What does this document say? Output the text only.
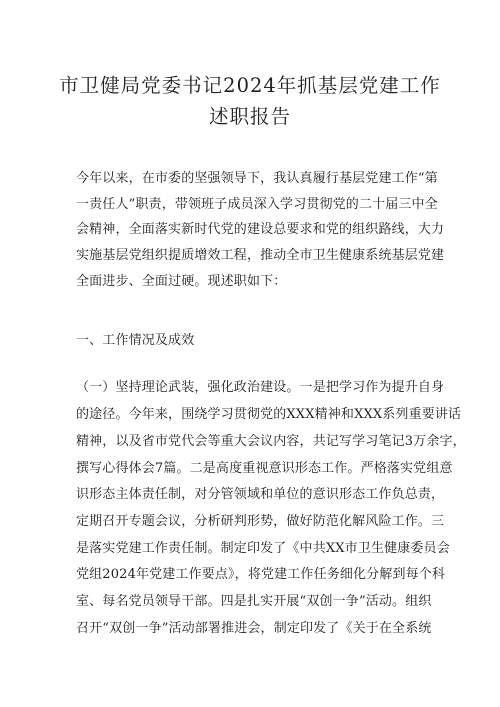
市卫健局党委书记2024年抓基层党建工作
述职报告
今年以来，在市委的坚强领导下，我认真履行基层党建工作“第
一责任人”职责，带领班子成员深入学习贯彻党的二十届三中全
会精神，全面落实新时代党的建设总要求和党的组织路线，大力
实施基层党组织提质增效工程，推动全市卫生健康系统基层党建
全面进步、全面过硬。现述职如下：
一、工作情况及成效
（一）坚持理论武装，强化政治建设。一是把学习作为提升自身
的途径。今年来，围绕学习贯彻党的XXX精神和XXX系列重要讲话
精神，以及省市党代会等重大会议内容，共记写学习笔记3万余字，
撰写心得体会7篇。二是高度重视意识形态工作。严格落实党组意
识形态主体责任制，对分管领域和单位的意识形态工作负总责，
定期召开专题会议，分析研判形势，做好防范化解风险工作。三
是落实党建工作责任制。制定印发了《中共XX市卫生健康委员会
党组2024年党建工作要点》，将党建工作任务细化分解到每个科
室、每名党员领导干部。四是扎实开展“双创一争”活动。组织
召开“双创一争”活动部署推进会，制定印发了《关于在全系统
